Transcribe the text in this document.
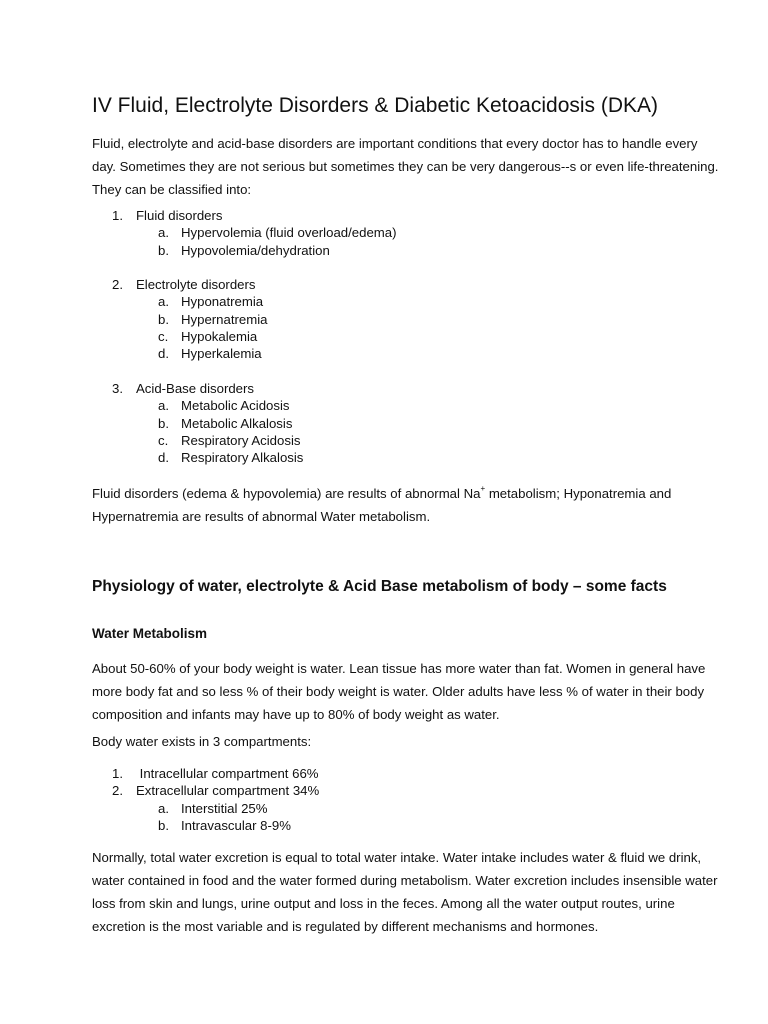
IV Fluid, Electrolyte Disorders & Diabetic Ketoacidosis (DKA)

Fluid, electrolyte and acid-base disorders are important conditions that every doctor has to handle every day. Sometimes they are not serious but sometimes they can be very dangerous--s or even life-threatening. They can be classified into:

1. Fluid disorders
a. Hypervolemia (fluid overload/edema)
b. Hypovolemia/dehydration
2. Electrolyte disorders
a. Hyponatremia
b. Hypernatremia
c. Hypokalemia
d. Hyperkalemia
3. Acid-Base disorders
a. Metabolic Acidosis
b. Metabolic Alkalosis
c. Respiratory Acidosis
d. Respiratory Alkalosis

Fluid disorders (edema & hypovolemia) are results of abnormal Na+ metabolism; Hyponatremia and Hypernatremia are results of abnormal Water metabolism.

Physiology of water, electrolyte & Acid Base metabolism of body – some facts
Water Metabolism

About 50-60% of your body weight is water. Lean tissue has more water than fat. Women in general have more body fat and so less % of their body weight is water. Older adults have less % of water in their body composition and infants may have up to 80% of body weight as water.

Body water exists in 3 compartments:

1. Intracellular compartment 66%
2. Extracellular compartment 34%
a. Interstitial 25%
b. Intravascular 8-9%

Normally, total water excretion is equal to total water intake. Water intake includes water & fluid we drink, water contained in food and the water formed during metabolism. Water excretion includes insensible water loss from skin and lungs, urine output and loss in the feces. Among all the water output routes, urine excretion is the most variable and is regulated by different mechanisms and hormones.
